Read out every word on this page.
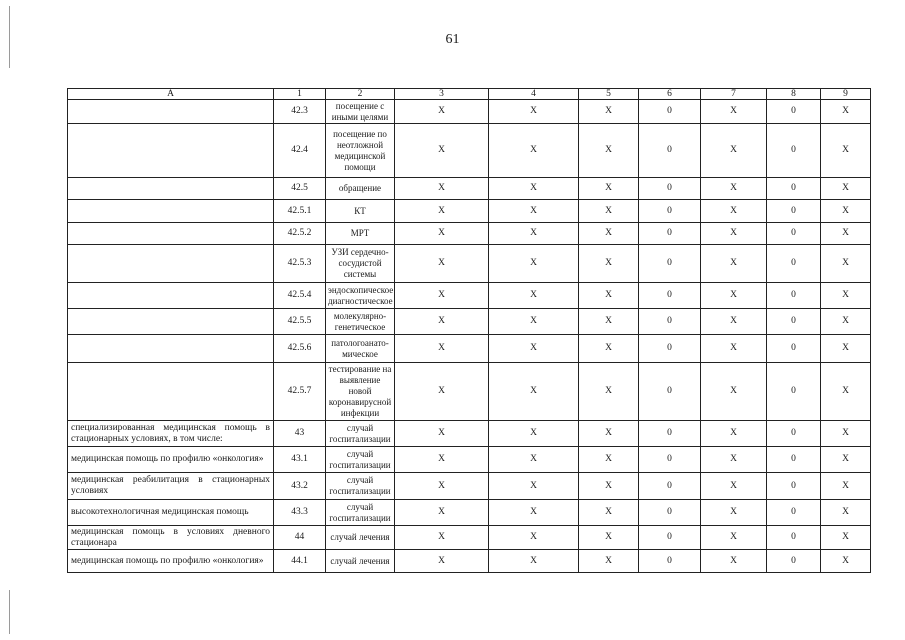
61
А	1	2	3	4	5	6	7	8	9
	42.3	посещение с иными целями	X	X	X	0	X	0	X
	42.4	посещение по неотложной медицинской помощи	X	X	X	0	X	0	X
	42.5	обращение	X	X	X	0	X	0	X
	42.5.1	КТ	X	X	X	0	X	0	X
	42.5.2	МРТ	X	X	X	0	X	0	X
	42.5.3	УЗИ сердечно-сосудистой системы	X	X	X	0	X	0	X
	42.5.4	эндоскопическое диагностическое	X	X	X	0	X	0	X
	42.5.5	молекулярно-генетическое	X	X	X	0	X	0	X
	42.5.6	патологоанато-мическое	X	X	X	0	X	0	X
	42.5.7	тестирование на выявление новой коронавирусной инфекции	X	X	X	0	X	0	X
специализированная медицинская помощь в стационарных условиях, в том числе:	43	случай госпитализации	X	X	X	0	X	0	X
медицинская помощь по профилю «онкология»	43.1	случай госпитализации	X	X	X	0	X	0	X
медицинская реабилитация в стационарных условиях	43.2	случай госпитализации	X	X	X	0	X	0	X
высокотехнологичная медицинская помощь	43.3	случай госпитализации	X	X	X	0	X	0	X
медицинская помощь в условиях дневного стационара	44	случай лечения	X	X	X	0	X	0	X
медицинская помощь по профилю «онкология»	44.1	случай лечения	X	X	X	0	X	0	X
